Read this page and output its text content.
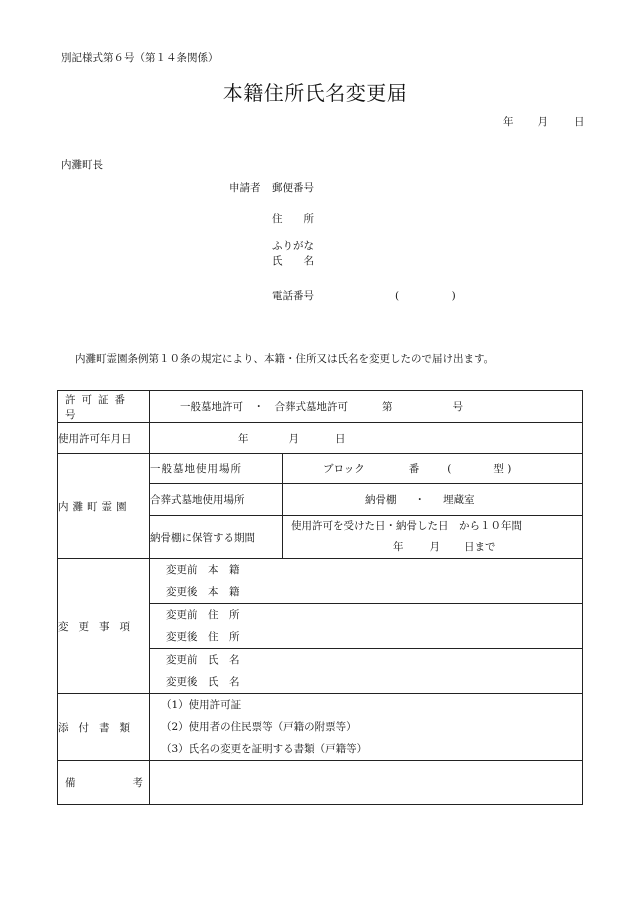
別記様式第６号（第１４条関係）
本籍住所氏名変更届
年 月 日
内灘町長
申請者 郵便番号
住　　所
ふりがな
氏　　名
電話番号	(　　　　　)
内灘町霊園条例第１０条の規定により、本籍・住所又は氏名を変更したので届け出ます。
許可証番号	一般墓地許可　・　合葬式墓地許可 第 号	

使用許可年月日	年 月 日	

内灘町霊園	一般墓地使用場所	ブロック 番 (　　　　型 )

	合葬式墓地使用場所	納骨棚 ・ 埋蔵室

	納骨棚に保管する期間	使用許可を受けた日・納骨した日　から１０年間
年 月 日まで

変更事項	変更前　本　籍
変更後　本　籍	

	変更前　住　所
変更後　住　所	

	変更前　氏　名
変更後　氏　名	

添付書類	（1）使用許可証
（2）使用者の住民票等（戸籍の附票等）
（3）氏名の変更を証明する書類（戸籍等）	

備 考		
